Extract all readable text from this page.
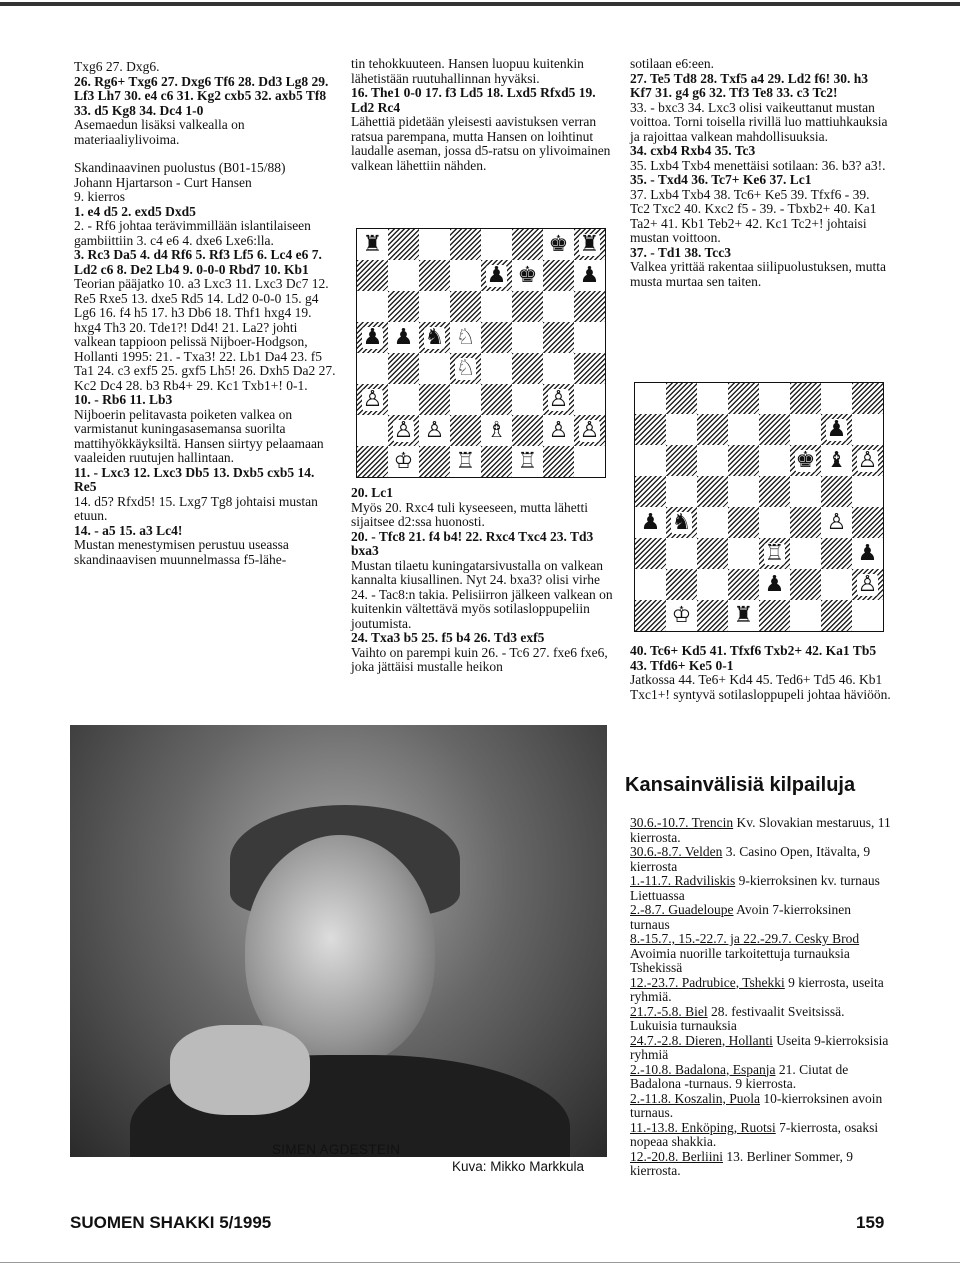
Txg6 27. Dxg6.

26. Rg6+ Txg6 27. Dxg6 Tf6 28. Dd3 Lg8 29. Lf3 Lh7 30. e4 c6 31. Kg2 cxb5 32. axb5 Tf8 33. d5 Kg8 34. Dc4 1-0

Asemaedun lisäksi valkealla on materiaaliylivoima.

Skandinaavinen puolustus (B01-15/88)

Johann Hjartarson - Curt Hansen

9. kierros

1. e4 d5 2. exd5 Dxd5

2. - Rf6 johtaa terävimmillään islantilaiseen gambiittiin 3. c4 e6 4. dxe6 Lxe6:lla.

3. Rc3 Da5 4. d4 Rf6 5. Rf3 Lf5 6. Lc4 e6 7. Ld2 c6 8. De2 Lb4 9. 0-0-0 Rbd7 10. Kb1

Teorian pääjatko 10. a3 Lxc3 11. Lxc3 Dc7 12. Re5 Rxe5 13. dxe5 Rd5 14. Ld2 0-0-0 15. g4 Lg6 16. f4 h5 17. h3 Db6 18. Thf1 hxg4 19. hxg4 Th3 20. Tde1?! Dd4! 21. La2? johti valkean tappioon pelissä Nijboer-Hodgson, Hollanti 1995: 21. - Txa3! 22. Lb1 Da4 23. f5 Ta1 24. c3 exf5 25. gxf5 Lh5! 26. Dxh5 Da2 27. Kc2 Dc4 28. b3 Rb4+ 29. Kc1 Txb1+! 0-1.

10. - Rb6 11. Lb3

Nijboerin pelitavasta poiketen valkea on varmistanut kuningasasemansa suorilta mattihyökkäyksiltä. Hansen siirtyy pelaamaan vaaleiden ruutujen hallintaan.

11. - Lxc3 12. Lxc3 Db5 13. Dxb5 cxb5 14. Re5

14. d5? Rfxd5! 15. Lxg7 Tg8 johtaisi mustan etuun.

14. - a5 15. a3 Lc4!

Mustan menestymisen perustuu useassa skandinaavisen muunnelmassa f5-lähe-

tin tehokkuuteen. Hansen luopuu kuitenkin lähetistään ruutuhallinnan hyväksi.

16. The1 0-0 17. f3 Ld5 18. Lxd5 Rfxd5 19. Ld2 Rc4

Lähettiä pidetään yleisesti aavistuksen verran ratsua parempana, mutta Hansen on loihtinut laudalle aseman, jossa d5-ratsu on ylivoimainen valkean lähettiin nähden.

♜	♚ ♜
♟ ♚ ♟
♟ ♟ ♞ ♘
♘
♙	♙
♙ ♙ ♗ ♙ ♙
♔ ♖ ♖

20. Lc1

Myös 20. Rxc4 tuli kyseeseen, mutta lähetti sijaitsee d2:ssa huonosti.

20. - Tfc8 21. f4 b4! 22. Rxc4 Txc4 23. Td3 bxa3

Mustan tilaetu kuningatarsivustalla on valkean kannalta kiusallinen. Nyt 24. bxa3? olisi virhe 24. - Tac8:n takia. Pelisiirron jälkeen valkean on kuitenkin vältettävä myös sotilasloppupeliin joutumista.

24. Txa3 b5 25. f5 b4 26. Td3 exf5

Vaihto on parempi kuin 26. - Tc6 27. fxe6 fxe6, joka jättäisi mustalle heikon

sotilaan e6:een.

27. Te5 Td8 28. Txf5 a4 29. Ld2 f6! 30. h3 Kf7 31. g4 g6 32. Tf3 Te8 33. c3 Tc2!

33. - bxc3 34. Lxc3 olisi vaikeuttanut mustan voittoa. Torni toisella rivillä luo mattiuhkauksia ja rajoittaa valkean mahdollisuuksia.

34. cxb4 Rxb4 35. Tc3

35. Lxb4 Txb4 menettäisi sotilaan: 36. b3? a3!.

35. - Txd4 36. Tc7+ Ke6 37. Lc1

37. Lxb4 Txb4 38. Tc6+ Ke5 39. Tfxf6 - 39. Tc2 Txc2 40. Kxc2 f5 - 39. - Tbxb2+ 40. Ka1 Ta2+ 41. Kb1 Teb2+ 42. Kc1 Tc2+! johtaisi mustan voittoon.

37. - Td1 38. Tcc3

Valkea yrittää rakentaa siilipuolustuksen, mutta musta murtaa sen taiten.

♟
♚ ♝ ♙
♟ ♞	♙
♖	♟
♟	♙
♔ ♜

40. Tc6+ Kd5 41. Tfxf6 Txb2+ 42. Ka1 Tb5 43. Tfd6+ Ke5 0-1

Jatkossa 44. Te6+ Kd4 45. Ted6+ Td5 46. Kb1 Txc1+! syntyvä sotilasloppupeli johtaa häviöön.

Kansainvälisiä kilpailuja

30.6.-10.7. Trencin Kv. Slovakian mestaruus, 11 kierrosta.

30.6.-8.7. Velden 3. Casino Open, Itävalta, 9 kierrosta

1.-11.7. Radviliskis 9-kierroksinen kv. turnaus Liettuassa

2.-8.7. Guadeloupe Avoin 7-kierroksinen turnaus

8.-15.7., 15.-22.7. ja 22.-29.7. Cesky Brod Avoimia nuorille tarkoitettuja turnauksia Tshekissä

12.-23.7. Padrubice, Tshekki 9 kierrosta, useita ryhmiä.

21.7.-5.8. Biel 28. festivaalit Sveitsissä. Lukuisia turnauksia

24.7.-2.8. Dieren, Hollanti Useita 9-kierroksisia ryhmiä

2.-10.8. Badalona, Espanja 21. Ciutat de Badalona -turnaus. 9 kierrosta.

2.-11.8. Koszalin, Puola 10-kierroksinen avoin turnaus.

11.-13.8. Enköping, Ruotsi 7-kierrosta, osaksi nopeaa shakkia.

12.-20.8. Berliini 13. Berliner Sommer, 9 kierrosta.

SIMEN AGDESTEIN
Kuva: Mikko Markkula
SUOMEN SHAKKI 5/1995	159
